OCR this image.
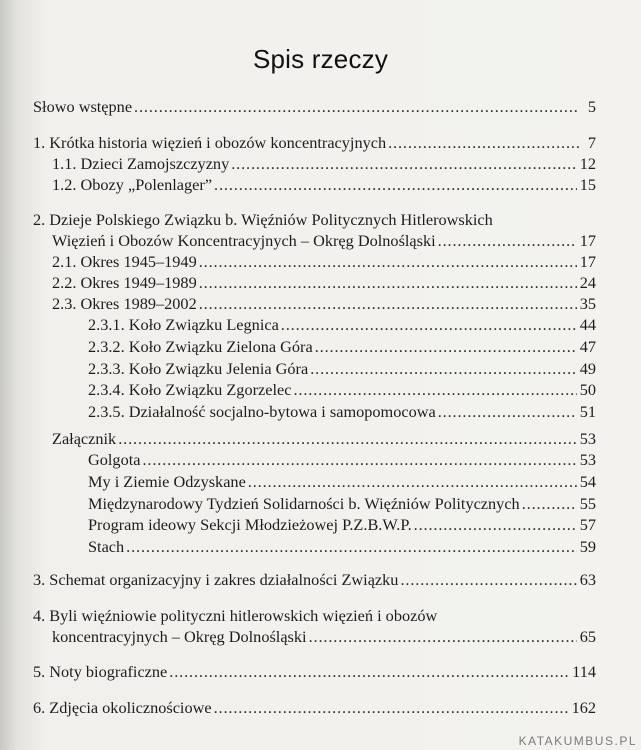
Spis rzeczy
Słowo wstępne . . .	5
1. Krótka historia więzień i obozów koncentracyjnych . . .	7
1.1. Dzieci Zamojszczyzny . . .	12
1.2. Obozy „Polenlager” . . .	15
2. Dzieje Polskiego Związku b. Więźniów Politycznych Hitlerowskich
Więzień i Obozów Koncentracyjnych – Okręg Dolnośląski . . .	17
2.1. Okres 1945–1949 . . .	17
2.2. Okres 1949–1989 . . .	24
2.3. Okres 1989–2002 . . .	35
2.3.1. Koło Związku Legnica . . .	44
2.3.2. Koło Związku Zielona Góra . . .	47
2.3.3. Koło Związku Jelenia Góra . . .	49
2.3.4. Koło Związku Zgorzelec . . .	50
2.3.5. Działalność socjalno-bytowa i samopomocowa . . .	51
Załącznik . . .	53
Golgota . . .	53
My i Ziemie Odzyskane . . .	54
Międzynarodowy Tydzień Solidarności b. Więźniów Politycznych . . .	55
Program ideowy Sekcji Młodzieżowej P.Z.B.W.P. . . .	57
Stach . . .	59
3. Schemat organizacyjny i zakres działalności Związku . . .	63
4. Byli więźniowie polityczni hitlerowskich więzień i obozów
koncentracyjnych – Okręg Dolnośląski . . .	65
5. Noty biograficzne . . .	114
6. Zdjęcia okolicznościowe . . .	162
KATAKUMBUS.PL
